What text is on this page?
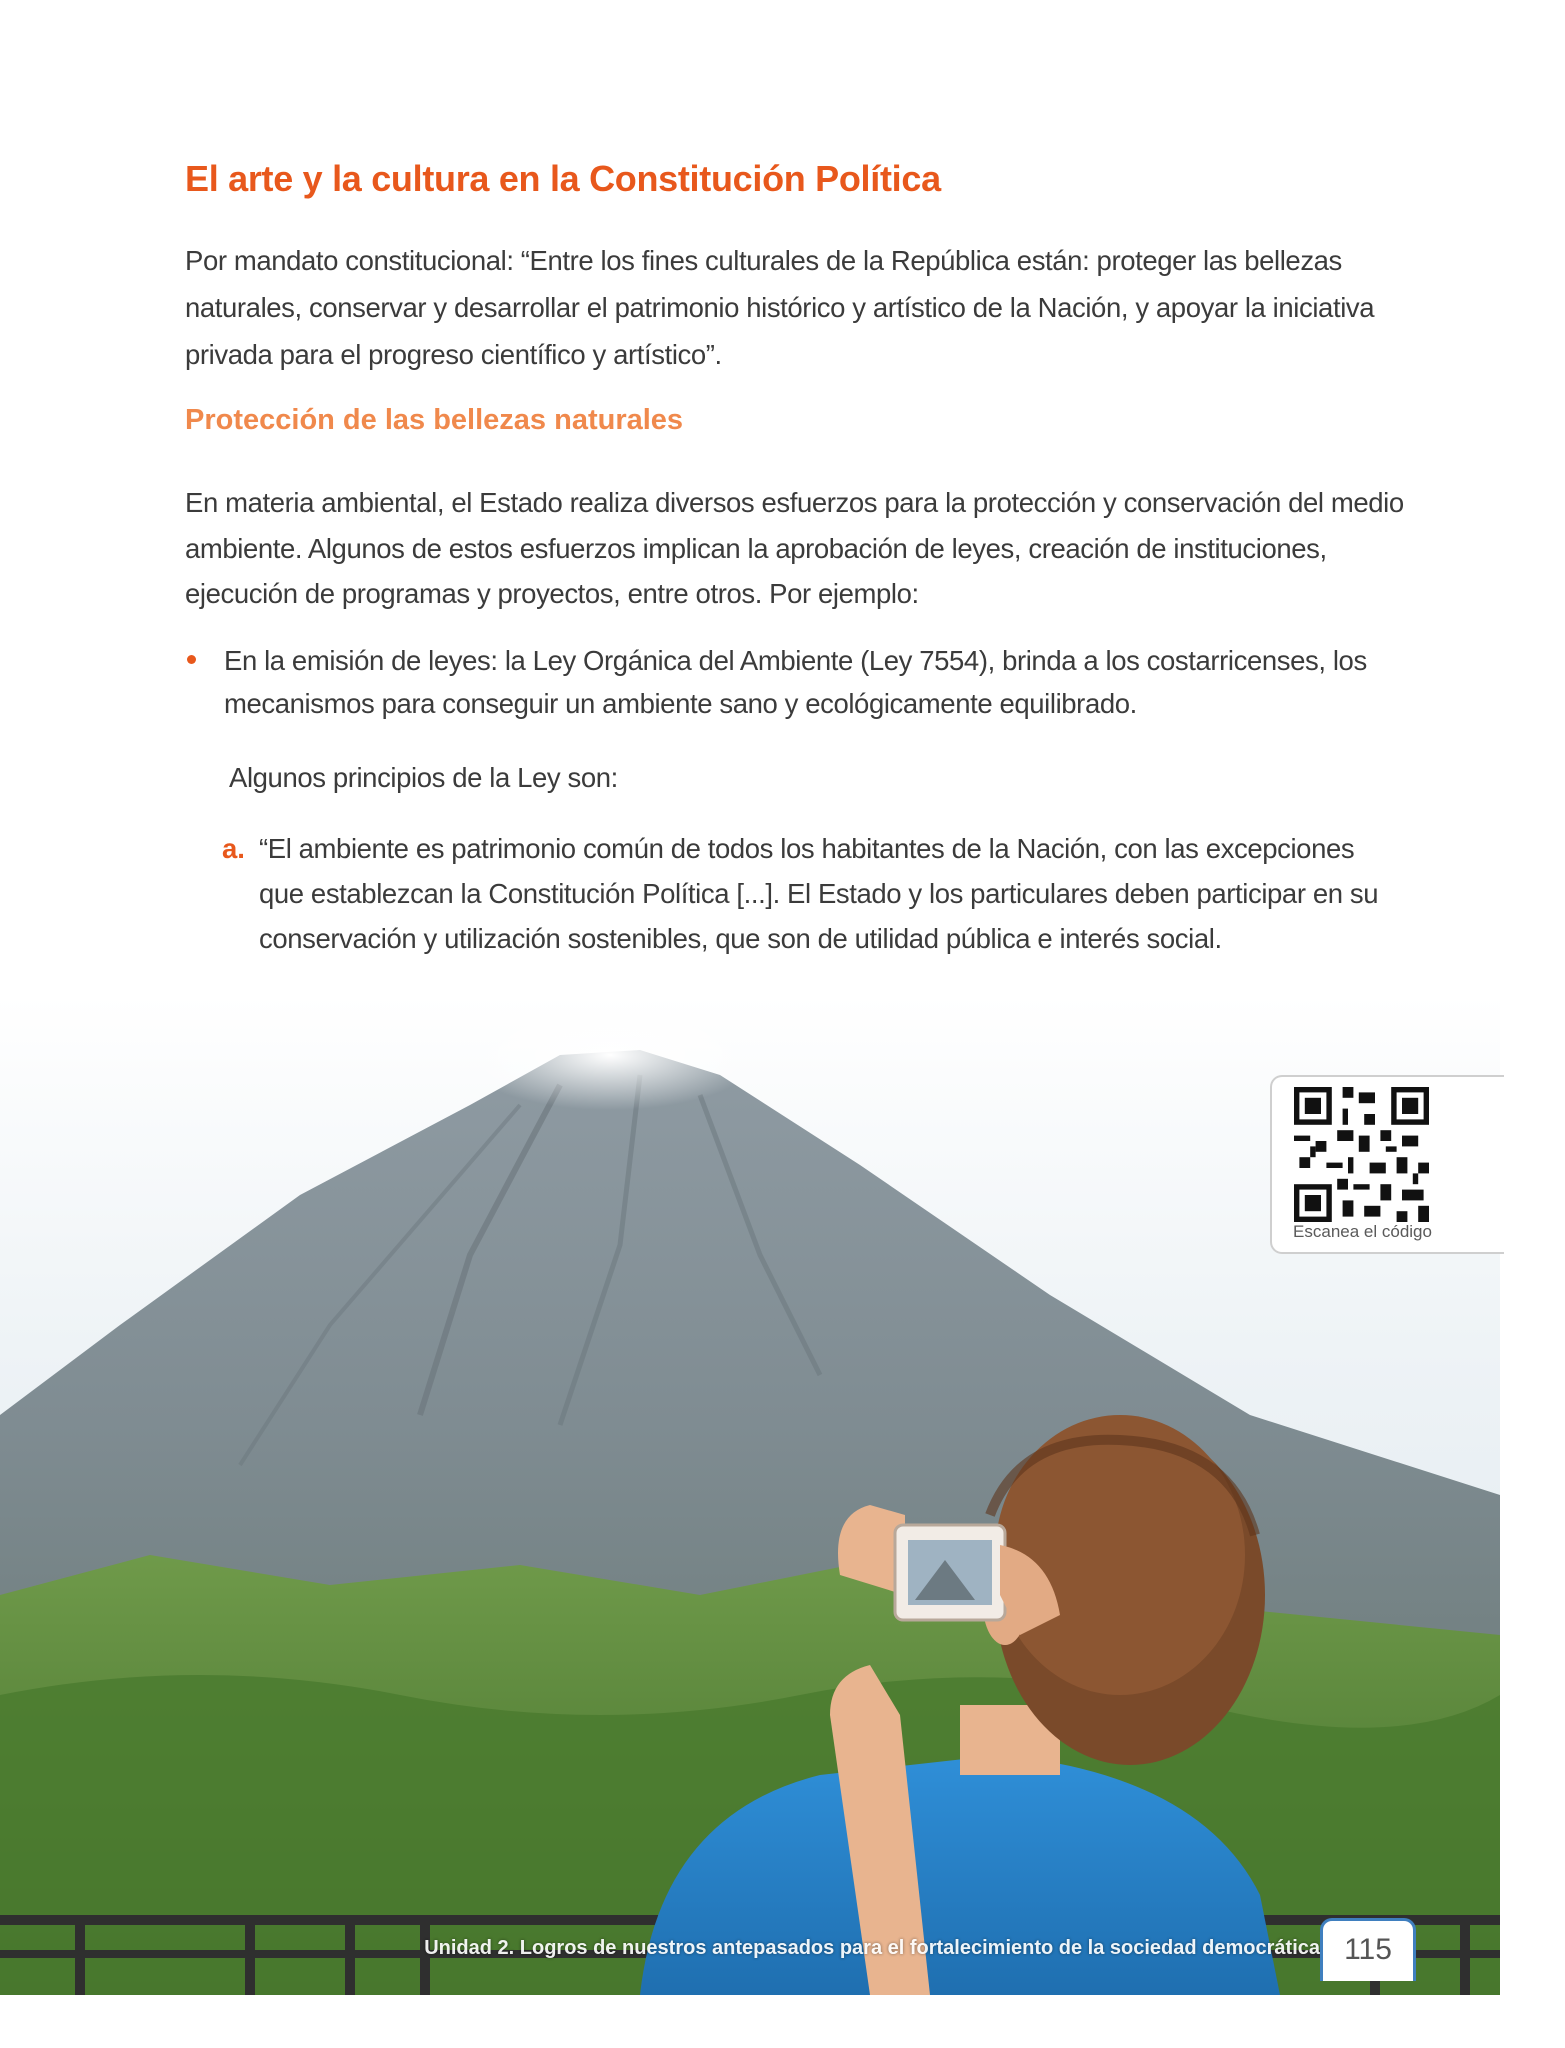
El arte y la cultura en la Constitución Política
Por mandato constitucional: “Entre los fines culturales de la República están: proteger las bellezas
naturales, conservar y desarrollar el patrimonio histórico y artístico de la Nación, y apoyar la iniciativa
privada para el progreso científico y artístico”.
Protección de las bellezas naturales
En materia ambiental, el Estado realiza diversos esfuerzos para la protección y conservación del medio
ambiente. Algunos de estos esfuerzos implican la aprobación de leyes, creación de instituciones,
ejecución de programas y proyectos, entre otros. Por ejemplo:
En la emisión de leyes: la Ley Orgánica del Ambiente (Ley 7554), brinda a los costarricenses, los
mecanismos para conseguir un ambiente sano y ecológicamente equilibrado.
Algunos principios de la Ley son:
a. “El ambiente es patrimonio común de todos los habitantes de la Nación, con las excepciones
que establezcan la Constitución Política [...]. El Estado y los particulares deben participar en su
conservación y utilización sostenibles, que son de utilidad pública e interés social.
Escanea el código
Unidad 2. Logros de nuestros antepasados para el fortalecimiento de la sociedad democrática 115
